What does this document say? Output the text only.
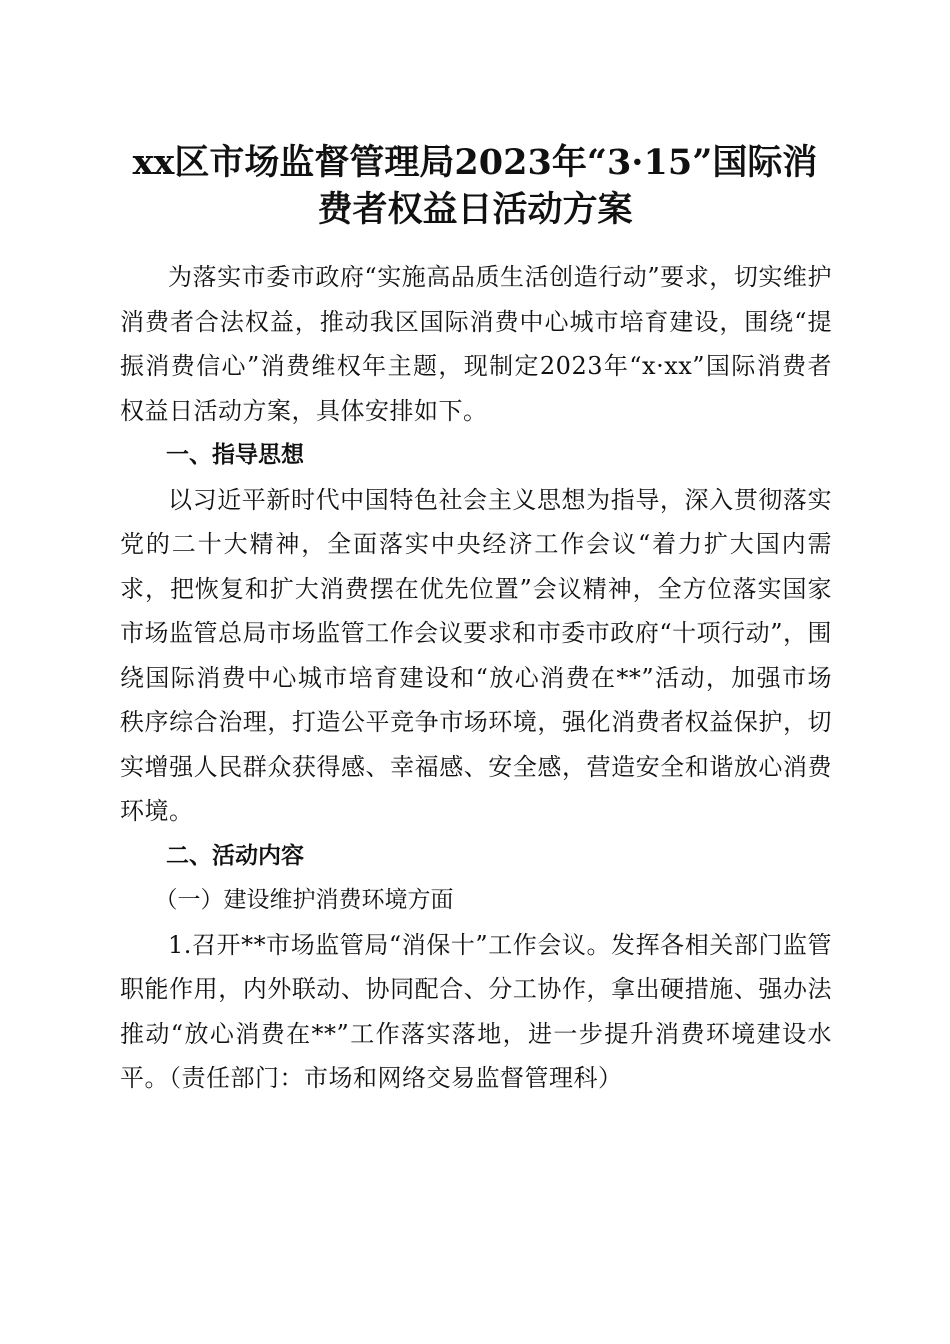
xx区市场监督管理局2023年“3·15”国际消
费者权益日活动方案

为落实市委市政府“实施高品质生活创造行动”要求，切实维护消费者合法权益，推动我区国际消费中心城市培育建设，围绕“提振消费信心”消费维权年主题，现制定2023年“x·xx”国际消费者权益日活动方案，具体安排如下。

一、指导思想

以习近平新时代中国特色社会主义思想为指导，深入贯彻落实党的二十大精神，全面落实中央经济工作会议“着力扩大国内需求，把恢复和扩大消费摆在优先位置”会议精神，全方位落实国家市场监管总局市场监管工作会议要求和市委市政府“十项行动”，围绕国际消费中心城市培育建设和“放心消费在**”活动，加强市场秩序综合治理，打造公平竞争市场环境，强化消费者权益保护，切实增强人民群众获得感、幸福感、安全感，营造安全和谐放心消费环境。

二、活动内容

（一）建设维护消费环境方面

1.召开**市场监管局“消保十”工作会议。发挥各相关部门监管职能作用，内外联动、协同配合、分工协作，拿出硬措施、强办法推动“放心消费在**”工作落实落地，进一步提升消费环境建设水平。（责任部门：市场和网络交易监督管理科）
